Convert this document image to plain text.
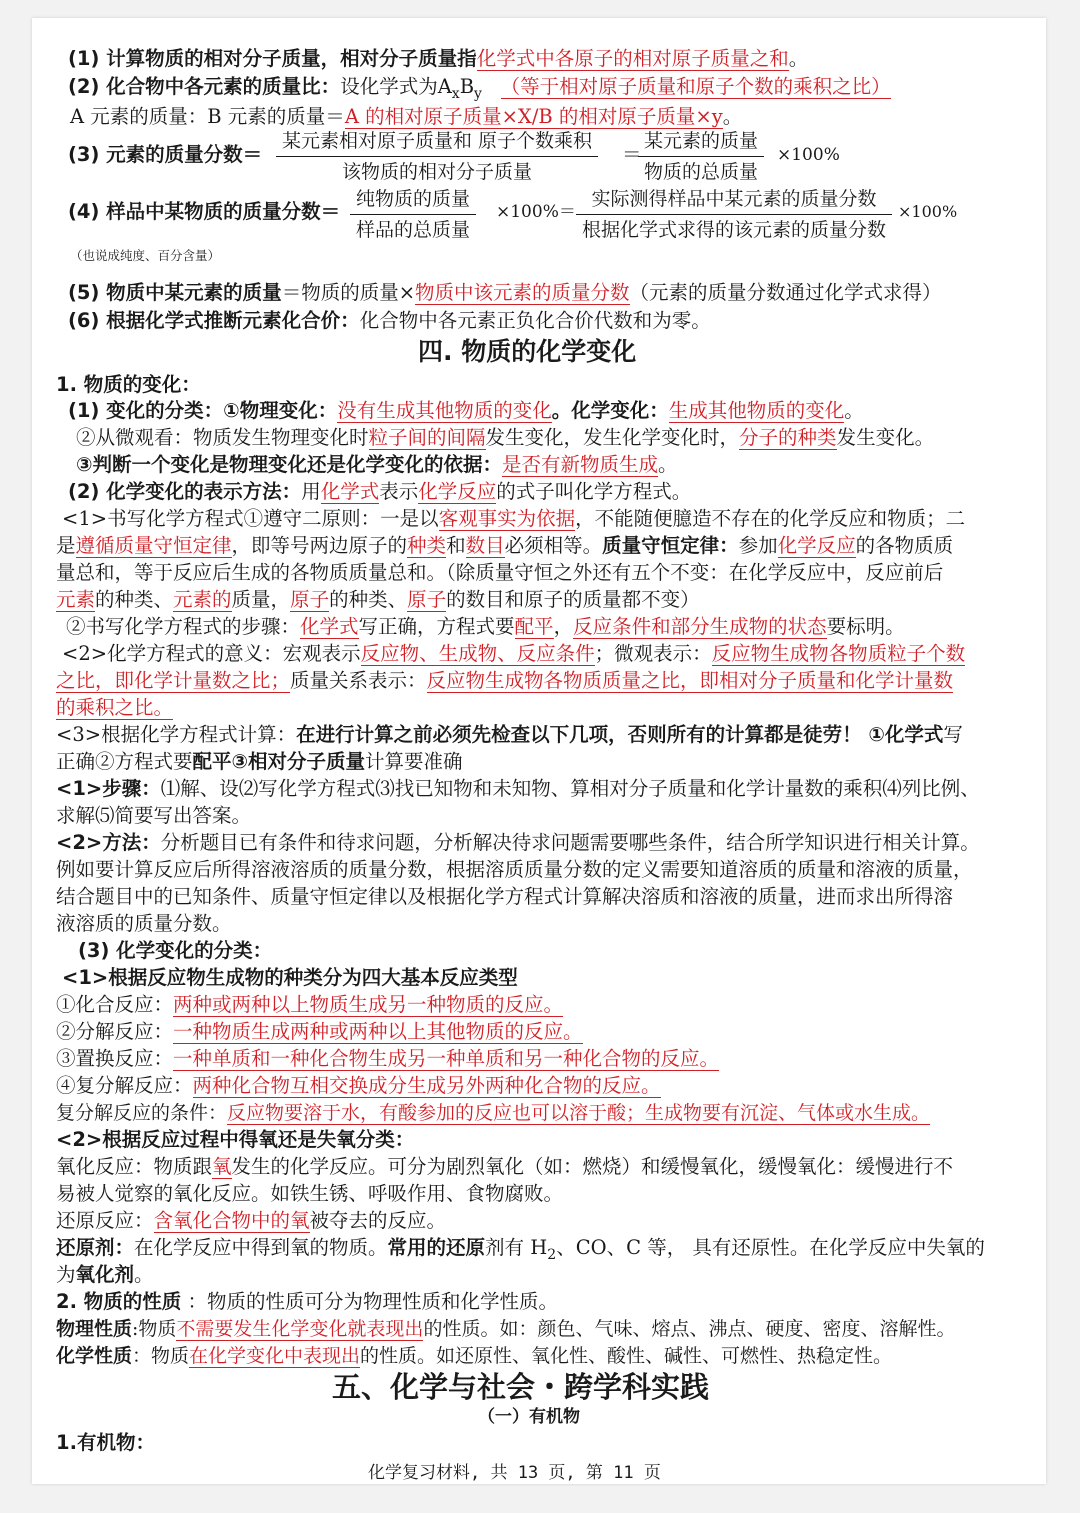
(1) 计算物质的相对分子质量，相对分子质量指化学式中各原子的相对原子质量之和。
(2) 化合物中各元素的质量比：设化学式为$A_xB_y$ （等于相对原子质量和原子个数的乘积之比）
A 元素的质量：B 元素的质量＝A 的相对原子质量×X/B 的相对原子质量×y。
(3) 元素的质量分数＝
某元素相对原子质量和 原子个数乘积
该物质的相对分子质量
＝
某元素的质量
物质的总质量
×100%
(4) 样品中某物质的质量分数＝
纯物质的质量
样品的总质量
×100%＝
实际测得样品中某元素的质量分数
根据化学式求得的该元素的质量分数
×100%
（也说成纯度、百分含量）
(5) 物质中某元素的质量＝物质的质量×物质中该元素的质量分数（元素的质量分数通过化学式求得）
(6) 根据化学式推断元素化合价：化合物中各元素正负化合价代数和为零。
四. 物质的化学变化
1. 物质的变化：
(1) 变化的分类：①物理变化：没有生成其他物质的变化。化学变化：生成其他物质的变化。
②从微观看：物质发生物理变化时粒子间的间隔发生变化，发生化学变化时，分子的种类发生变化。
③判断一个变化是物理变化还是化学变化的依据：是否有新物质生成。
(2) 化学变化的表示方法：用化学式表示化学反应的式子叫化学方程式。
<1>书写化学方程式①遵守二原则：一是以客观事实为依据，不能随便臆造不存在的化学反应和物质；二
是遵循质量守恒定律，即等号两边原子的种类和数目必须相等。质量守恒定律：参加化学反应的各物质质
量总和，等于反应后生成的各物质质量总和。（除质量守恒之外还有五个不变：在化学反应中，反应前后
元素的种类、元素的质量，原子的种类、原子的数目和原子的质量都不变）
②书写化学方程式的步骤：化学式写正确，方程式要配平，反应条件和部分生成物的状态要标明。
<2>化学方程式的意义：宏观表示反应物、生成物、反应条件；微观表示：反应物生成物各物质粒子个数
之比，即化学计量数之比；质量关系表示：反应物生成物各物质质量之比，即相对分子质量和化学计量数
的乘积之比。
<3>根据化学方程式计算：在进行计算之前必须先检查以下几项，否则所有的计算都是徒劳！ ①化学式写
正确②方程式要配平③相对分子质量计算要准确
<1>步骤：⑴解、设⑵写化学方程式⑶找已知物和未知物、算相对分子质量和化学计量数的乘积⑷列比例、
求解⑸简要写出答案。
<2>方法：分析题目已有条件和待求问题，分析解决待求问题需要哪些条件，结合所学知识进行相关计算。
例如要计算反应后所得溶液溶质的质量分数，根据溶质质量分数的定义需要知道溶质的质量和溶液的质量，
结合题目中的已知条件、质量守恒定律以及根据化学方程式计算解决溶质和溶液的质量，进而求出所得溶
液溶质的质量分数。
(3) 化学变化的分类：
<1>根据反应物生成物的种类分为四大基本反应类型
①化合反应：两种或两种以上物质生成另一种物质的反应。
②分解反应：一种物质生成两种或两种以上其他物质的反应。
③置换反应：一种单质和一种化合物生成另一种单质和另一种化合物的反应。
④复分解反应：两种化合物互相交换成分生成另外两种化合物的反应。
复分解反应的条件：反应物要溶于水，有酸参加的反应也可以溶于酸；生成物要有沉淀、气体或水生成。
<2>根据反应过程中得氧还是失氧分类：
氧化反应：物质跟氧发生的化学反应。可分为剧烈氧化（如：燃烧）和缓慢氧化，缓慢氧化：缓慢进行不
易被人觉察的氧化反应。如铁生锈、呼吸作用、食物腐败。
还原反应：含氧化合物中的氧被夺去的反应。
还原剂：在化学反应中得到氧的物质。常用的还原剂有 $H_2$、CO、C 等， 具有还原性。在化学反应中失氧的
为氧化剂。
2. 物质的性质 ：物质的性质可分为物理性质和化学性质。
物理性质:物质不需要发生化学变化就表现出的性质。如：颜色、气味、熔点、沸点、硬度、密度、溶解性。
化学性质：物质在化学变化中表现出的性质。如还原性、氧化性、酸性、碱性、可燃性、热稳定性。
五、化学与社会・跨学科实践
（一）有机物
1.有机物：
化学复习材料, 共 13 页, 第 11 页
